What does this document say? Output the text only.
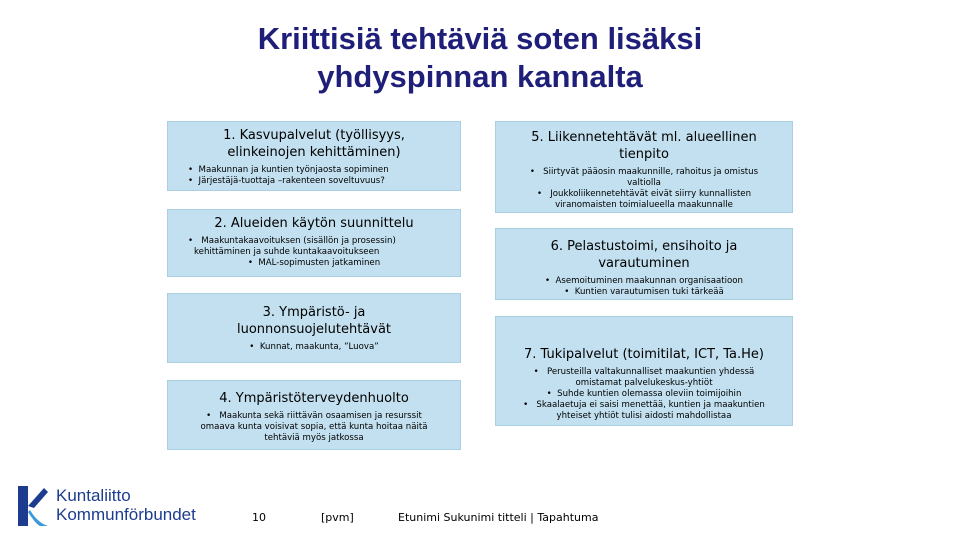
Kriittisiä tehtäviä soten lisäksi
yhdyspinnan kannalta
1. Kasvupalvelut (työllisyys,
elinkeinojen kehittäminen)
•  Maakunnan ja kuntien työnjaosta sopiminen
•  Järjestäjä-tuottaja –rakenteen soveltuvuus?
2. Alueiden käytön suunnittelu
•  Maakuntakaavoituksen (sisällön ja prosessin)
kehittäminen ja suhde kuntakaavoitukseen
•  MAL-sopimusten jatkaminen
3. Ympäristö- ja
luonnonsuojelutehtävät
•  Kunnat, maakunta, ”Luova”
4. Ympäristöterveydenhuolto
•  Maakunta sekä riittävän osaamisen ja resurssit
omaava kunta voisivat sopia, että kunta hoitaa näitä
tehtäviä myös jatkossa
5. Liikennetehtävät ml. alueellinen
tienpito
•  Siirtyvät pääosin maakunnille, rahoitus ja omistus
valtiolla
•  Joukkoliikennetehtävät eivät siirry kunnallisten
viranomaisten toimialueella maakunnalle
6. Pelastustoimi, ensihoito ja
varautuminen
•  Asemoituminen maakunnan organisaatioon
•  Kuntien varautumisen tuki tärkeää
7. Tukipalvelut (toimitilat, ICT, Ta.He)
•  Perusteilla valtakunnalliset maakuntien yhdessä
omistamat palvelukeskus-yhtiöt
•  Suhde kuntien olemassa oleviin toimijoihin
•  Skaalaetuja ei saisi menettää, kuntien ja maakuntien
yhteiset yhtiöt tulisi aidosti mahdollistaa
Kuntaliitto
Kommunförbundet	10	[pvm]	Etunimi Sukunimi titteli | Tapahtuma
